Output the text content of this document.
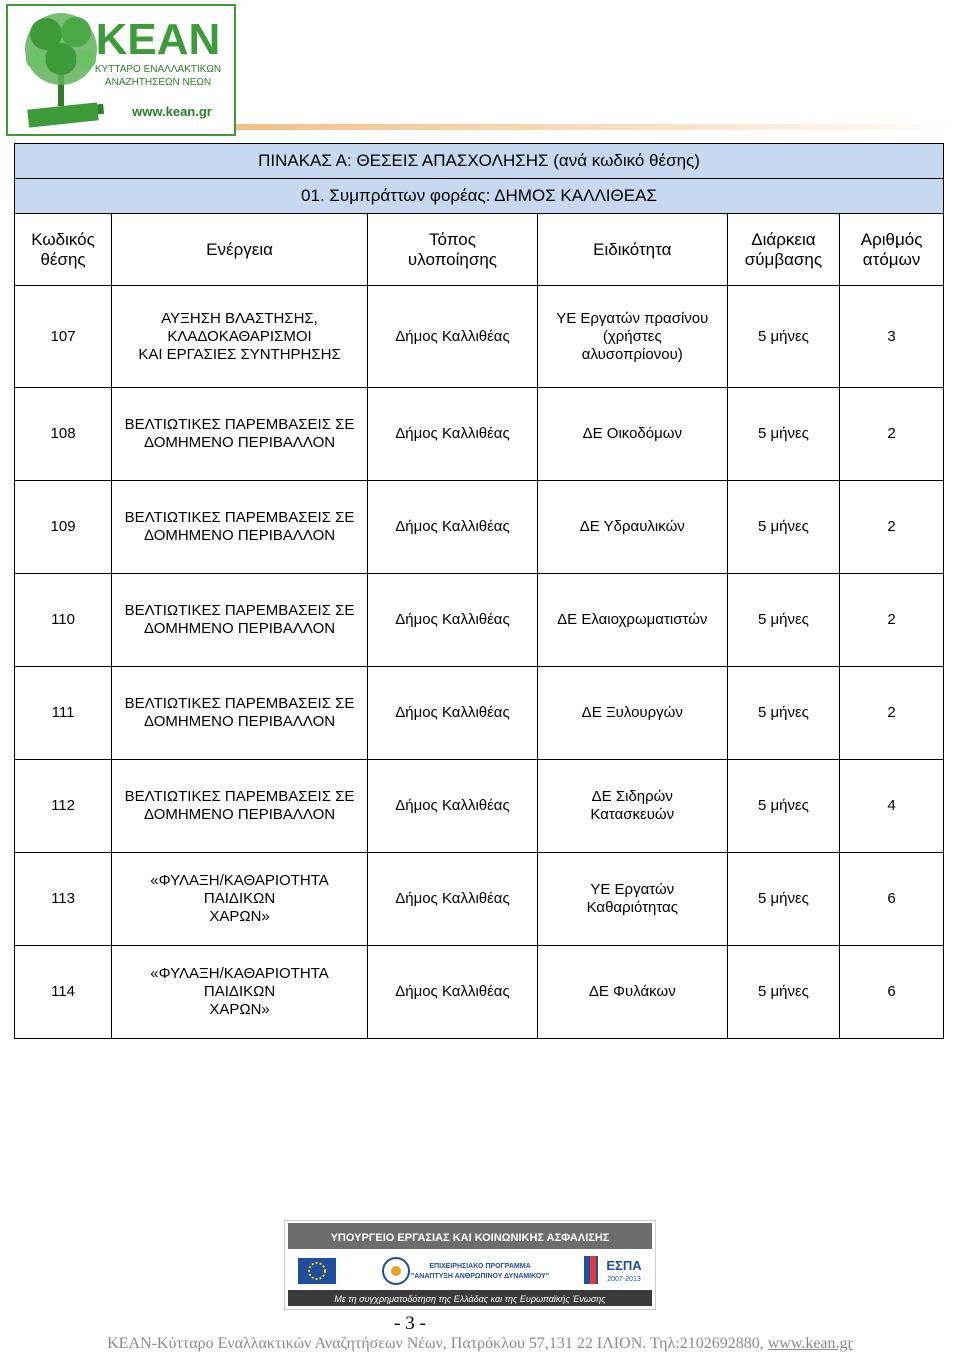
ΚΕΑΝ
ΚΥΤΤΑΡΟ ΕΝΑΛΛΑΚΤΙΚΩΝ
ΑΝΑΖΗΤΗΣΕΩΝ ΝΕΩΝ
www.kean.gr
ΠΙΝΑΚΑΣ Α: ΘΕΣΕΙΣ ΑΠΑΣΧΟΛΗΣΗΣ (ανά κωδικό θέσης)					
01. Συμπράττων φορέας: ΔΗΜΟΣ ΚΑΛΛΙΘΕΑΣ					
Κωδικός
θέσης	Ενέργεια	Τόπος
υλοποίησης	Ειδικότητα	Διάρκεια
σύμβασης	Αριθμός
ατόμων
107	ΑΥΞΗΣΗ ΒΛΑΣΤΗΣΗΣ,
ΚΛΑΔΟΚΑΘΑΡΙΣΜΟΙ
ΚΑΙ ΕΡΓΑΣΙΕΣ ΣΥΝΤΗΡΗΣΗΣ	Δήμος Καλλιθέας	ΥΕ Εργατών πρασίνου
(χρήστες
αλυσοπρίονου)	5 μήνες	3
108	ΒΕΛΤΙΩΤΙΚΕΣ ΠΑΡΕΜΒΑΣΕΙΣ ΣΕ
ΔΟΜΗΜΕΝΟ ΠΕΡΙΒΑΛΛΟΝ	Δήμος Καλλιθέας	ΔΕ Οικοδόμων	5 μήνες	2
109	ΒΕΛΤΙΩΤΙΚΕΣ ΠΑΡΕΜΒΑΣΕΙΣ ΣΕ
ΔΟΜΗΜΕΝΟ ΠΕΡΙΒΑΛΛΟΝ	Δήμος Καλλιθέας	ΔΕ Υδραυλικών	5 μήνες	2
110	ΒΕΛΤΙΩΤΙΚΕΣ ΠΑΡΕΜΒΑΣΕΙΣ ΣΕ
ΔΟΜΗΜΕΝΟ ΠΕΡΙΒΑΛΛΟΝ	Δήμος Καλλιθέας	ΔΕ Ελαιοχρωματιστών	5 μήνες	2
111	ΒΕΛΤΙΩΤΙΚΕΣ ΠΑΡΕΜΒΑΣΕΙΣ ΣΕ
ΔΟΜΗΜΕΝΟ ΠΕΡΙΒΑΛΛΟΝ	Δήμος Καλλιθέας	ΔΕ Ξυλουργών	5 μήνες	2
112	ΒΕΛΤΙΩΤΙΚΕΣ ΠΑΡΕΜΒΑΣΕΙΣ ΣΕ
ΔΟΜΗΜΕΝΟ ΠΕΡΙΒΑΛΛΟΝ	Δήμος Καλλιθέας	ΔΕ Σιδηρών
Κατασκευών	5 μήνες	4
113	«ΦΥΛΑΞΗ/ΚΑΘΑΡΙΟΤΗΤΑ ΠΑΙΔΙΚΩΝ
ΧΑΡΩΝ»	Δήμος Καλλιθέας	ΥΕ Εργατών
Καθαριότητας	5 μήνες	6
114	«ΦΥΛΑΞΗ/ΚΑΘΑΡΙΟΤΗΤΑ ΠΑΙΔΙΚΩΝ
ΧΑΡΩΝ»	Δήμος Καλλιθέας	ΔΕ Φυλάκων	5 μήνες	6
ΥΠΟΥΡΓΕΙΟ ΕΡΓΑΣΙΑΣ ΚΑΙ ΚΟΙΝΩΝΙΚΗΣ ΑΣΦΑΛΙΣΗΣ
ΕΠΙΧΕΙΡΗΣΙΑΚΟ ΠΡΟΓΡΑΜΜΑ
"ΑΝΑΠΤΥΞΗ ΑΝΘΡΩΠΙΝΟΥ ΔΥΝΑΜΙΚΟΥ"
ΕΣΠΑ
2007-2013
Με τη συγχρηματοδότηση της Ελλάδας και της Ευρωπαϊκής Ένωσης
- 3 -
ΚΕΑΝ-Κύτταρο Εναλλακτικών Αναζητήσεων Νέων, Πατρόκλου 57,131 22 ΙΛΙΟΝ. Τηλ:2102692880, www.kean.gr
